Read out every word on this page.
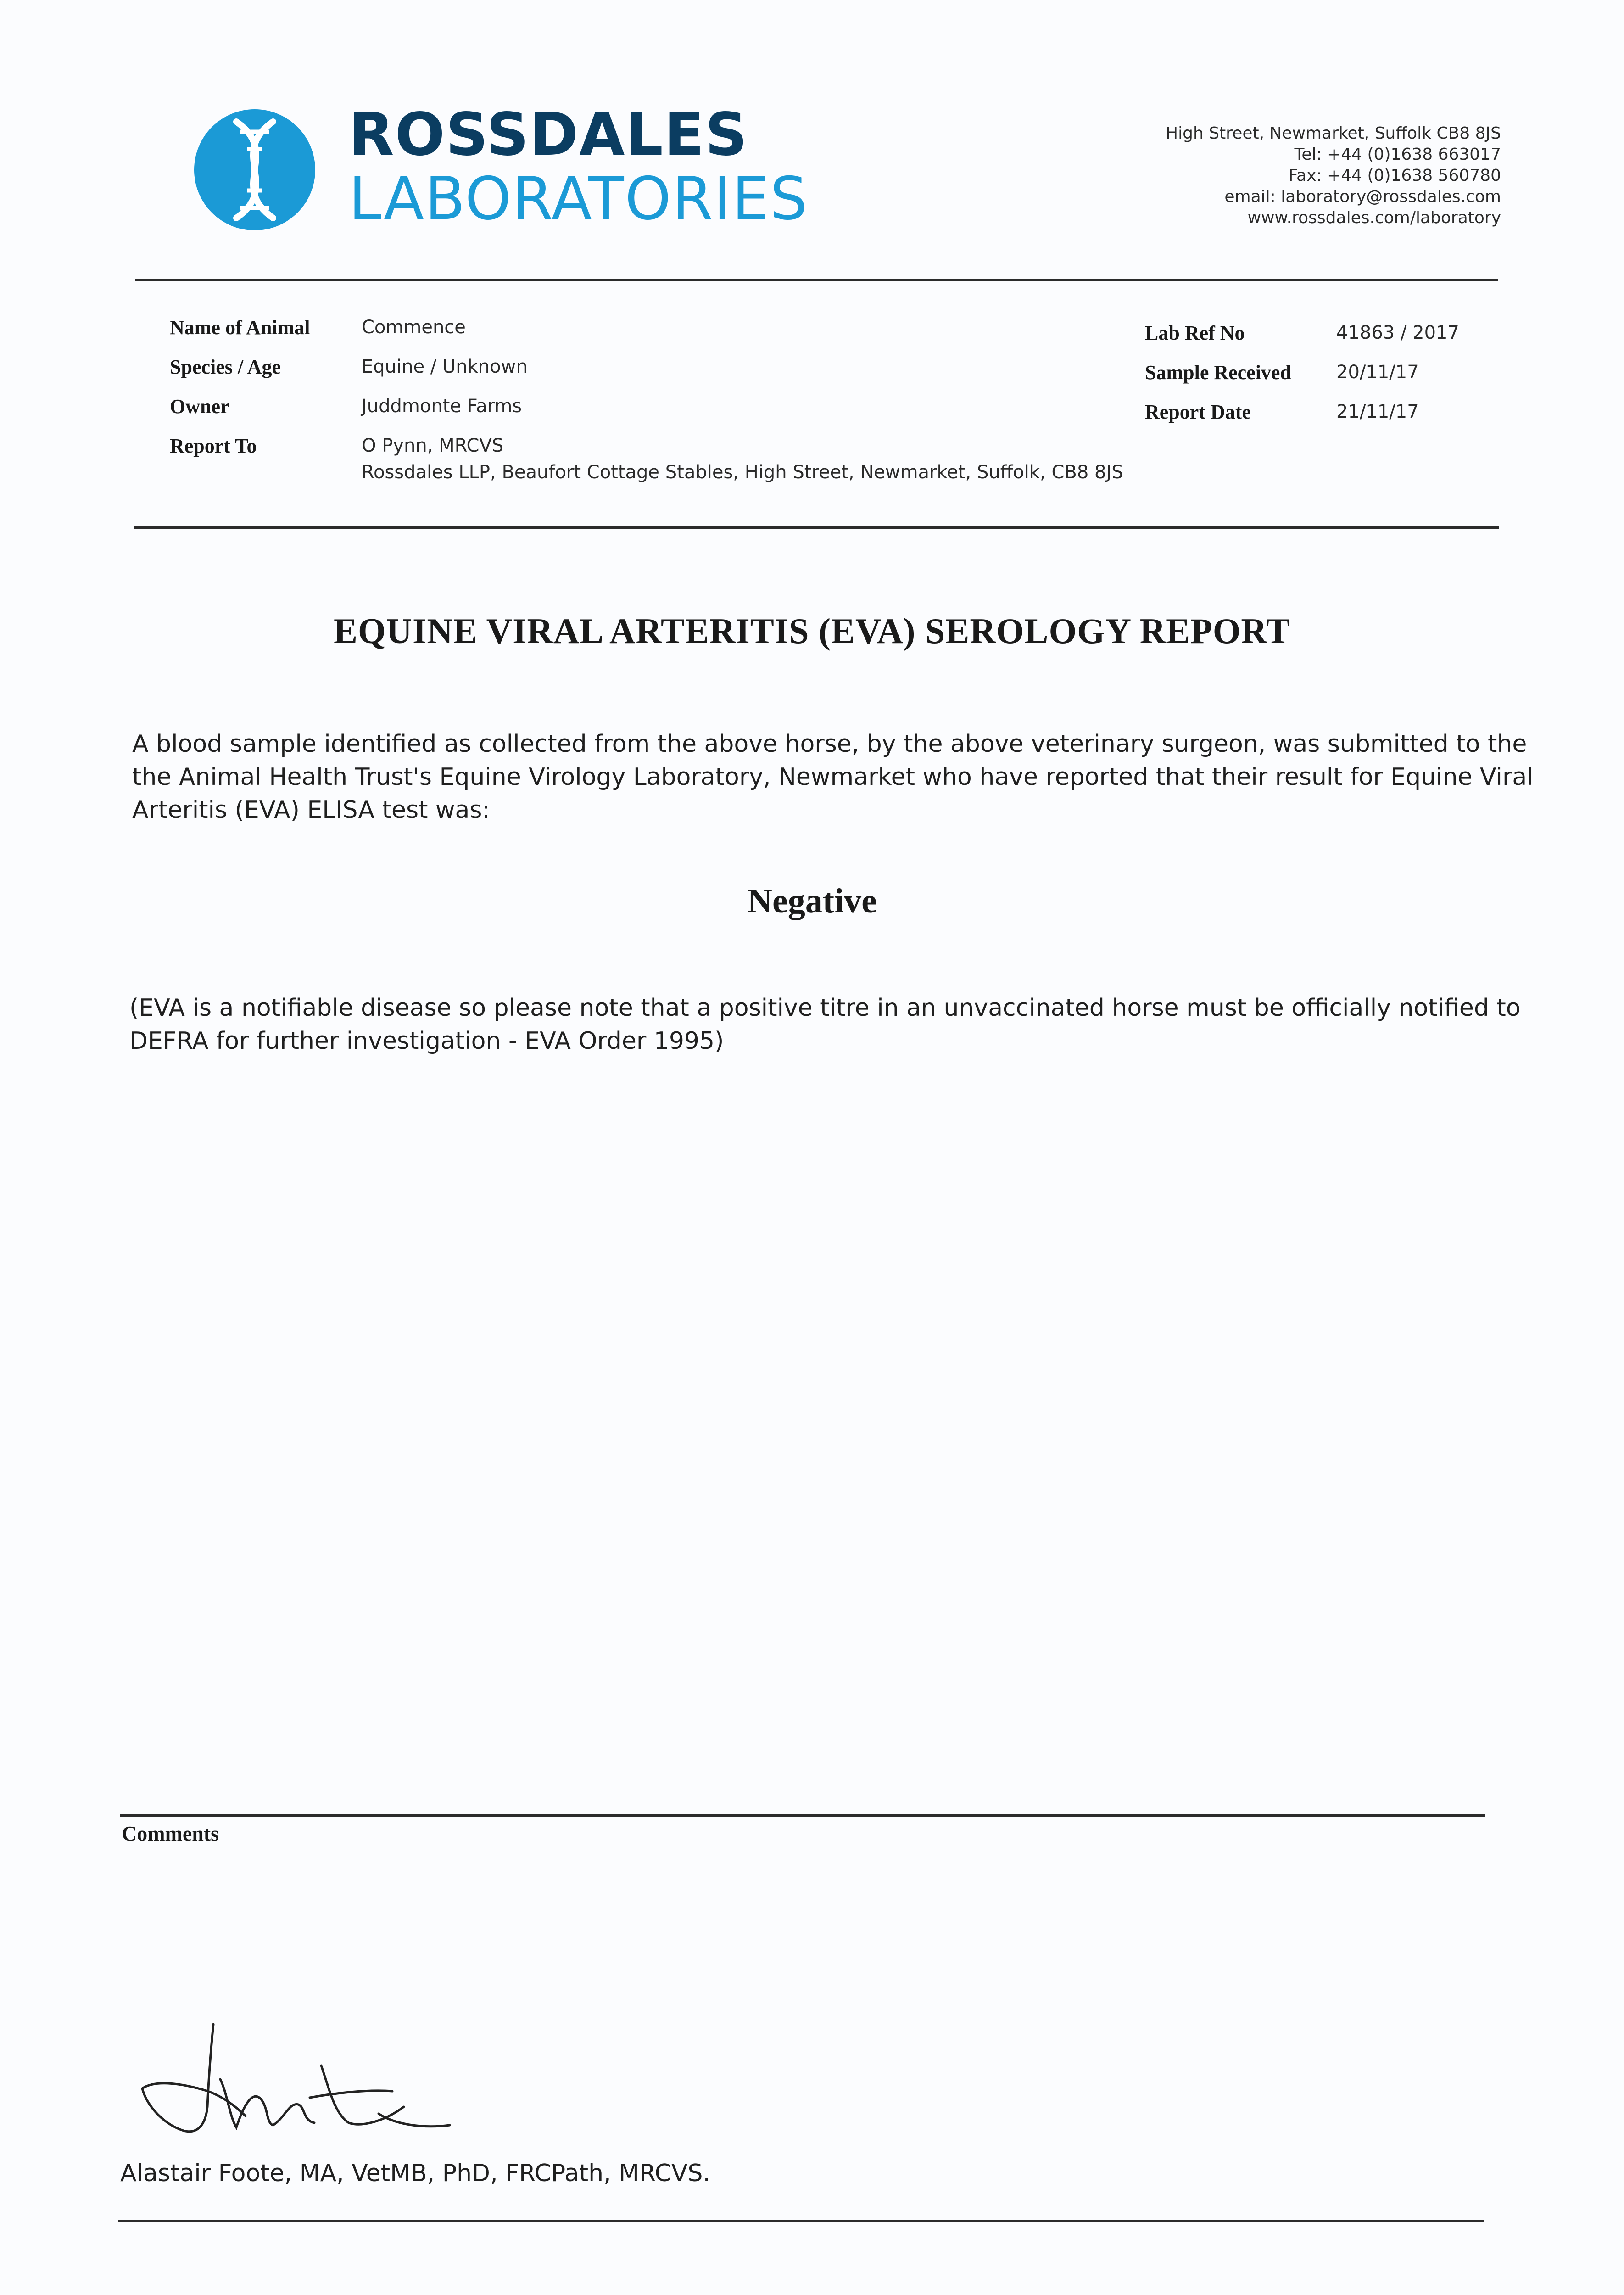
ROSSDALES
LABORATORIES
High Street, Newmarket, Suffolk CB8 8JS
Tel: +44 (0)1638 663017
Fax: +44 (0)1638 560780
email: laboratory@rossdales.com
www.rossdales.com/laboratory
Name of Animal	Commence
Species / Age	Equine / Unknown
Owner	Juddmonte Farms
Report To	O Pynn, MRCVS
Rossdales LLP, Beaufort Cottage Stables, High Street, Newmarket, Suffolk, CB8 8JS
Lab Ref No	41863 / 2017
Sample Received 20/11/17
Report Date	21/11/17
EQUINE VIRAL ARTERITIS (EVA) SEROLOGY REPORT
A blood sample identified as collected from the above horse, by the above veterinary surgeon, was submitted to the
the Animal Health Trust's Equine Virology Laboratory, Newmarket who have reported that their result for Equine Viral
Arteritis (EVA) ELISA test was:
Negative
(EVA is a notifiable disease so please note that a positive titre in an unvaccinated horse must be officially notified to
DEFRA for further investigation - EVA Order 1995)
Comments
Alastair Foote, MA, VetMB, PhD, FRCPath, MRCVS.
